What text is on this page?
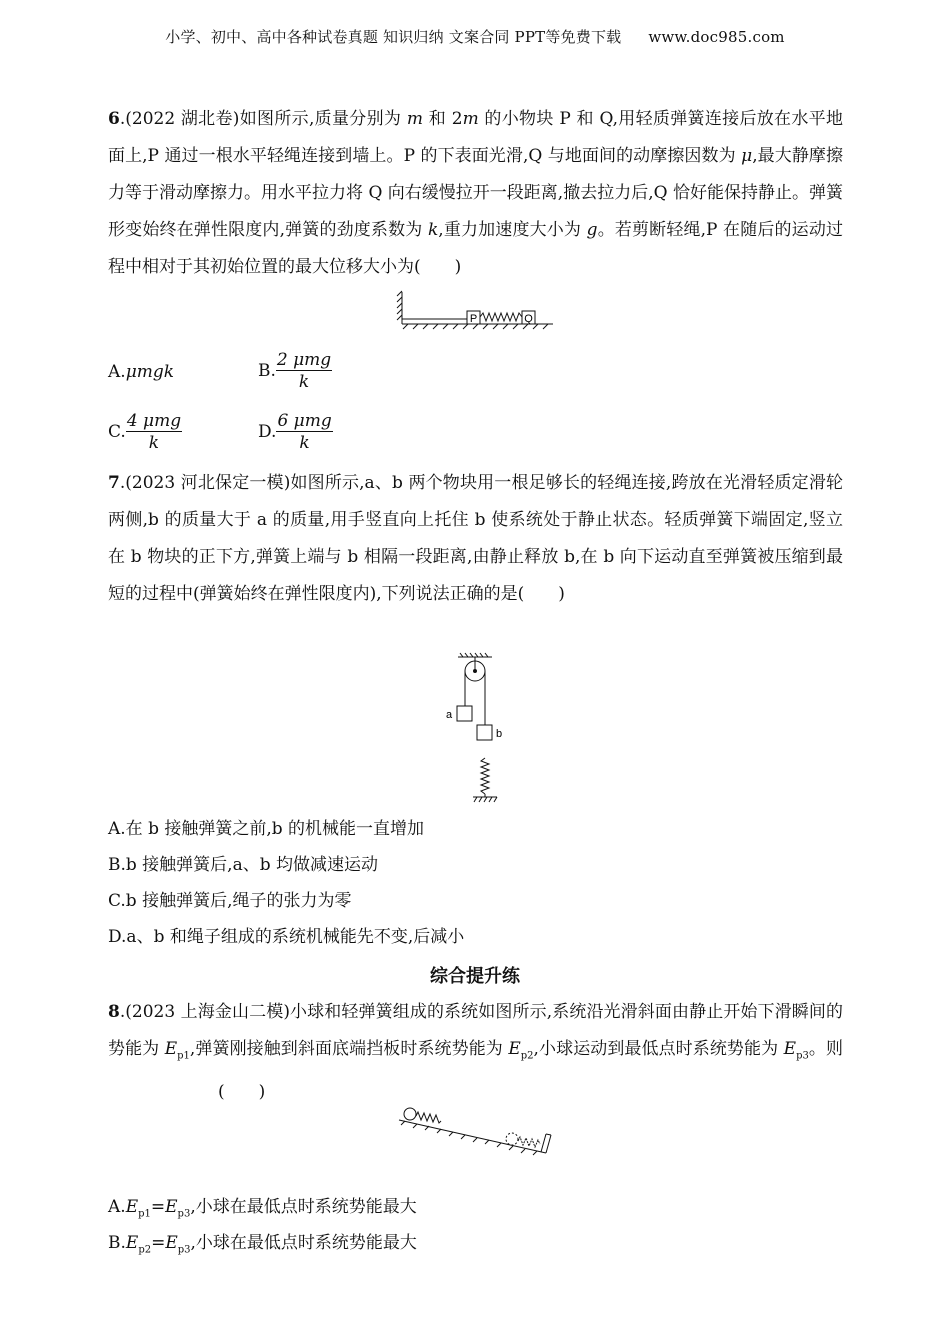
小学、初中、高中各种试卷真题 知识归纳 文案合同 PPT等免费下载 www.doc985.com
6.(2022 湖北卷)如图所示,质量分别为 m 和 2m 的小物块 P 和 Q,用轻质弹簧连接后放在水平地面上,P 通过一根水平轻绳连接到墙上。P 的下表面光滑,Q 与地面间的动摩擦因数为 μ,最大静摩擦力等于滑动摩擦力。用水平拉力将 Q 向右缓慢拉开一段距离,撤去拉力后,Q 恰好能保持静止。弹簧形变始终在弹性限度内,弹簧的劲度系数为 k,重力加速度大小为 g。若剪断轻绳,P 在随后的运动过程中相对于其初始位置的最大位移大小为(　　)
P	Q
A.μmgk	B. $\frac{\text{2 μmg}}{k}$
C. $\frac{\text{4 μmg}}{k}$	D. $\frac{\text{6 μmg}}{k}$
7.(2023 河北保定一模)如图所示,a、b 两个物块用一根足够长的轻绳连接,跨放在光滑轻质定滑轮两侧,b 的质量大于 a 的质量,用手竖直向上托住 b 使系统处于静止状态。轻质弹簧下端固定,竖立在 b 物块的正下方,弹簧上端与 b 相隔一段距离,由静止释放 b,在 b 向下运动直至弹簧被压缩到最短的过程中(弹簧始终在弹性限度内),下列说法正确的是(　　)
a
b
A.在 b 接触弹簧之前,b 的机械能一直增加
B.b 接触弹簧后,a、b 均做减速运动
C.b 接触弹簧后,绳子的张力为零
D.a、b 和绳子组成的系统机械能先不变,后减小
综合提升练
8.(2023 上海金山二模)小球和轻弹簧组成的系统如图所示,系统沿光滑斜面由静止开始下滑瞬间的势能为 $E_{p1}$,弹簧刚接触到斜面底端挡板时系统势能为 $E_{p2}$,小球运动到最低点时系统势能为 $E_{p3}$。则(　　)
$A.E_{p1}=E_{p3}$,小球在最低点时系统势能最大
$B.E_{p2}=E_{p3}$,小球在最低点时系统势能最大
